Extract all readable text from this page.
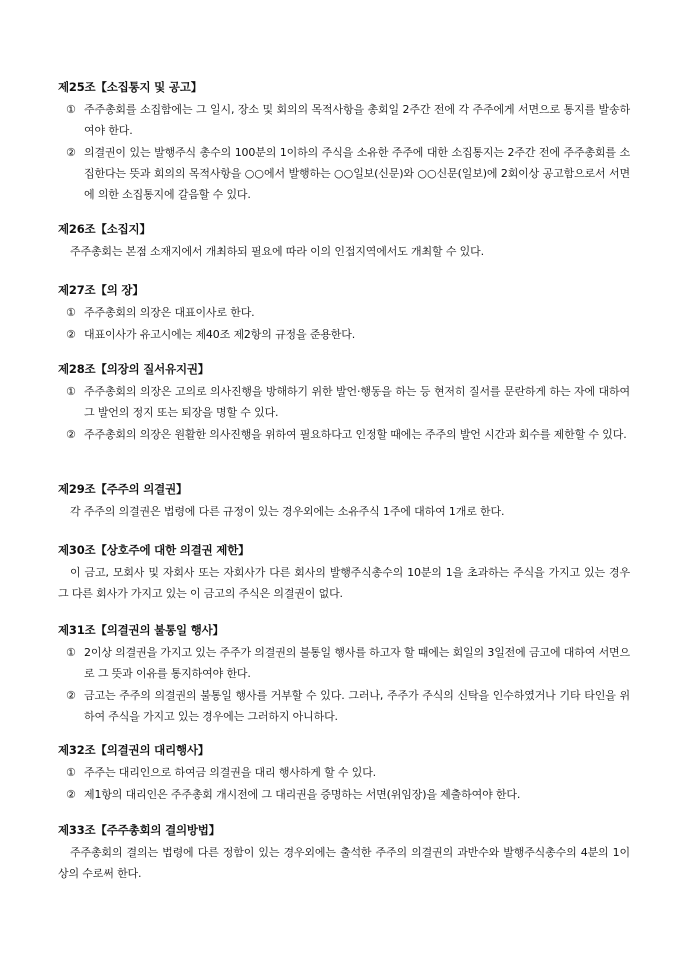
제25조【소집통지 및 공고】
① 주주총회를 소집함에는 그 일시, 장소 및 회의의 목적사항을 총회일 2주간 전에 각 주주에게 서면으로 통지를 발송하여야 한다.
② 의결권이 있는 발행주식 총수의 100분의 1이하의 주식을 소유한 주주에 대한 소집통지는 2주간 전에 주주총회를 소집한다는 뜻과 회의의 목적사항을 ○○에서 발행하는 ○○일보(신문)와 ○○신문(일보)에 2회이상 공고함으로서 서면에 의한 소집통지에 갈음할 수 있다.
제26조【소집지】
주주총회는 본점 소재지에서 개최하되 필요에 따라 이의 인접지역에서도 개최할 수 있다.
제27조【의 장】
① 주주총회의 의장은 대표이사로 한다.
② 대표이사가 유고시에는 제40조 제2항의 규정을 준용한다.
제28조【의장의 질서유지권】
① 주주총회의 의장은 고의로 의사진행을 방해하기 위한 발언·행동을 하는 등 현저히 질서를 문란하게 하는 자에 대하여 그 발언의 정지 또는 퇴장을 명할 수 있다.
② 주주총회의 의장은 원활한 의사진행을 위하여 필요하다고 인정할 때에는 주주의 발언 시간과 회수를 제한할 수 있다.
제29조【주주의 의결권】
각 주주의 의결권은 법령에 다른 규정이 있는 경우외에는 소유주식 1주에 대하여 1개로 한다.
제30조【상호주에 대한 의결권 제한】
이 금고, 모회사 및 자회사 또는 자회사가 다른 회사의 발행주식총수의 10분의 1을 초과하는 주식을 가지고 있는 경우 그 다른 회사가 가지고 있는 이 금고의 주식은 의결권이 없다.
제31조【의결권의 불통일 행사】
① 2이상 의결권을 가지고 있는 주주가 의결권의 불통일 행사를 하고자 할 때에는 회일의 3일전에 금고에 대하여 서면으로 그 뜻과 이유를 통지하여야 한다.
② 금고는 주주의 의결권의 불통일 행사를 거부할 수 있다. 그러나, 주주가 주식의 신탁을 인수하였거나 기타 타인을 위하여 주식을 가지고 있는 경우에는 그러하지 아니하다.
제32조【의결권의 대리행사】
① 주주는 대리인으로 하여금 의결권을 대리 행사하게 할 수 있다.
② 제1항의 대리인은 주주총회 개시전에 그 대리권을 증명하는 서면(위임장)을 제출하여야 한다.
제33조【주주총회의 결의방법】
주주총회의 결의는 법령에 다른 정함이 있는 경우외에는 출석한 주주의 의결권의 과반수와 발행주식총수의 4분의 1이상의 수로써 한다.
